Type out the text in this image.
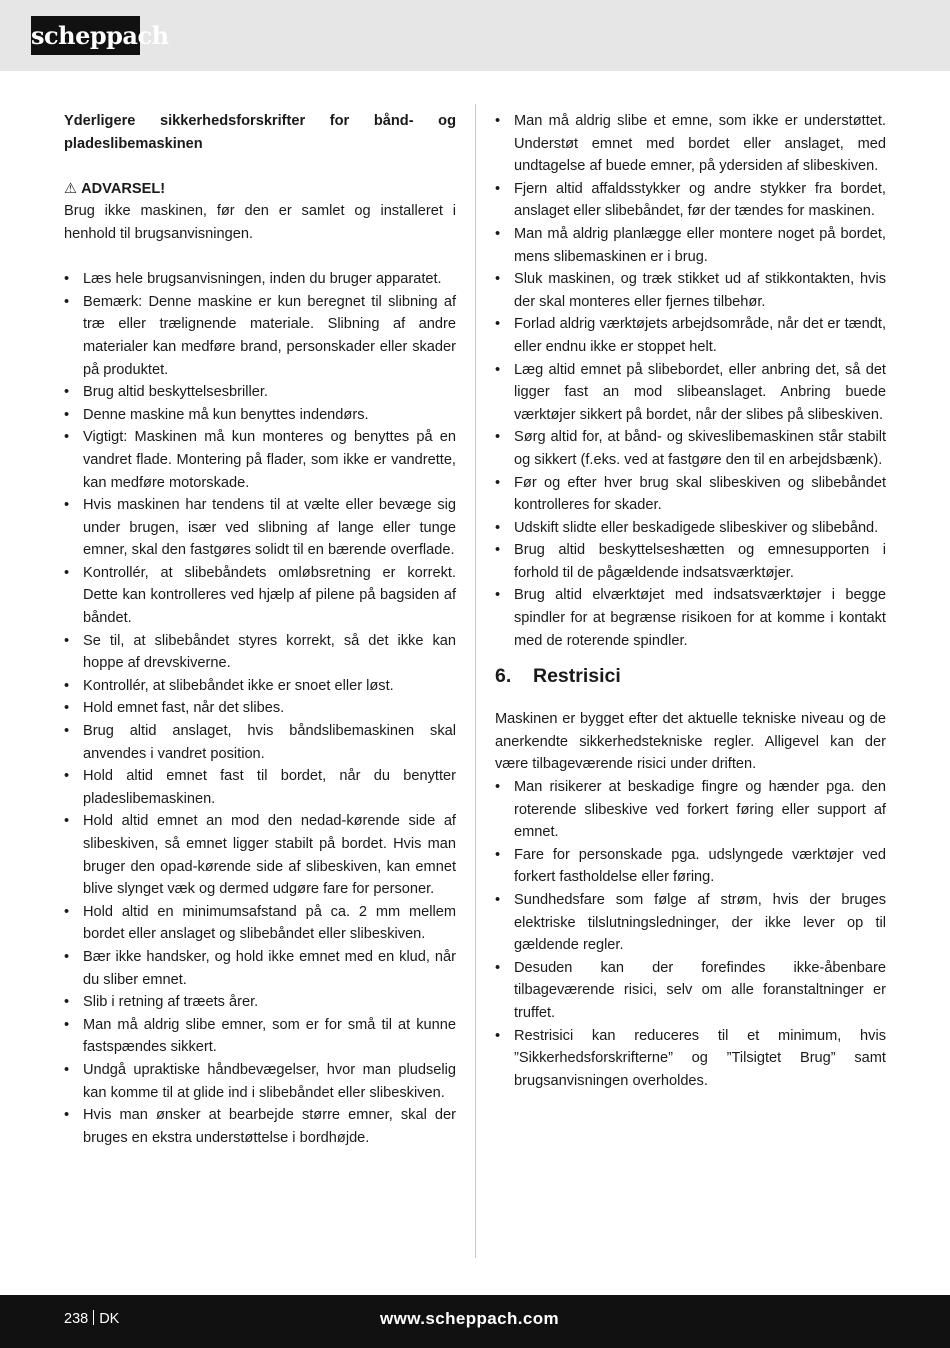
scheppach

Yderligere sikkerhedsforskrifter for bånd- og pladeslibemaskinen

⚠ ADVARSEL!

Brug ikke maskinen, før den er samlet og installeret i henhold til brugsanvisningen.

• Læs hele brugsanvisningen, inden du bruger apparatet.
• Bemærk: Denne maskine er kun beregnet til slibning af træ eller trælignende materiale. Slibning af andre materialer kan medføre brand, personskader eller skader på produktet.
• Brug altid beskyttelsesbriller.
• Denne maskine må kun benyttes indendørs.
• Vigtigt: Maskinen må kun monteres og benyttes på en vandret flade. Montering på flader, som ikke er vandrette, kan medføre motorskade.
• Hvis maskinen har tendens til at vælte eller bevæge sig under brugen, især ved slibning af lange eller tunge emner, skal den fastgøres solidt til en bærende overflade.
• Kontrollér, at slibebåndets omløbsretning er korrekt. Dette kan kontrolleres ved hjælp af pilene på bagsiden af båndet.
• Se til, at slibebåndet styres korrekt, så det ikke kan hoppe af drevskiverne.
• Kontrollér, at slibebåndet ikke er snoet eller løst.
• Hold emnet fast, når det slibes.
• Brug altid anslaget, hvis båndslibemaskinen skal anvendes i vandret position.
• Hold altid emnet fast til bordet, når du benytter pladeslibemaskinen.
• Hold altid emnet an mod den nedad-kørende side af slibeskiven, så emnet ligger stabilt på bordet. Hvis man bruger den opad-kørende side af slibeskiven, kan emnet blive slynget væk og dermed udgøre fare for personer.
• Hold altid en minimumsafstand på ca. 2 mm mellem bordet eller anslaget og slibebåndet eller slibeskiven.
• Bær ikke handsker, og hold ikke emnet med en klud, når du sliber emnet.
• Slib i retning af træets årer.
• Man må aldrig slibe emner, som er for små til at kunne fastspændes sikkert.
• Undgå upraktiske håndbevægelser, hvor man pludselig kan komme til at glide ind i slibebåndet eller slibeskiven.
• Hvis man ønsker at bearbejde større emner, skal der bruges en ekstra understøttelse i bordhøjde.
• Man må aldrig slibe et emne, som ikke er understøttet. Understøt emnet med bordet eller anslaget, med undtagelse af buede emner, på ydersiden af slibeskiven.
• Fjern altid affaldsstykker og andre stykker fra bordet, anslaget eller slibebåndet, før der tændes for maskinen.
• Man må aldrig planlægge eller montere noget på bordet, mens slibemaskinen er i brug.
• Sluk maskinen, og træk stikket ud af stikkontakten, hvis der skal monteres eller fjernes tilbehør.
• Forlad aldrig værktøjets arbejdsområde, når det er tændt, eller endnu ikke er stoppet helt.
• Læg altid emnet på slibebordet, eller anbring det, så det ligger fast an mod slibeanslaget. Anbring buede værktøjer sikkert på bordet, når der slibes på slibeskiven.
• Sørg altid for, at bånd- og skiveslibemaskinen står stabilt og sikkert (f.eks. ved at fastgøre den til en arbejdsbænk).
• Før og efter hver brug skal slibeskiven og slibebåndet kontrolleres for skader.
• Udskift slidte eller beskadigede slibeskiver og slibebånd.
• Brug altid beskyttelseshætten og emnesupporten i forhold til de pågældende indsatsværktøjer.
• Brug altid elværktøjet med indsatsværktøjer i begge spindler for at begrænse risikoen for at komme i kontakt med de roterende spindler.
6. Restrisici

Maskinen er bygget efter det aktuelle tekniske niveau og de anerkendte sikkerhedstekniske regler. Alligevel kan der være tilbageværende risici under driften.

• Man risikerer at beskadige fingre og hænder pga. den roterende slibeskive ved forkert føring eller support af emnet.
• Fare for personskade pga. udslyngede værktøjer ved forkert fastholdelse eller føring.
• Sundhedsfare som følge af strøm, hvis der bruges elektriske tilslutningsledninger, der ikke lever op til gældende regler.
• Desuden kan der forefindes ikke-åbenbare tilbageværende risici, selv om alle foranstaltninger er truffet.
• Restrisici kan reduceres til et minimum, hvis ”Sikkerhedsforskrifterne” og ”Tilsigtet Brug” samt brugsanvisningen overholdes.
238 DK	www.scheppach.com
